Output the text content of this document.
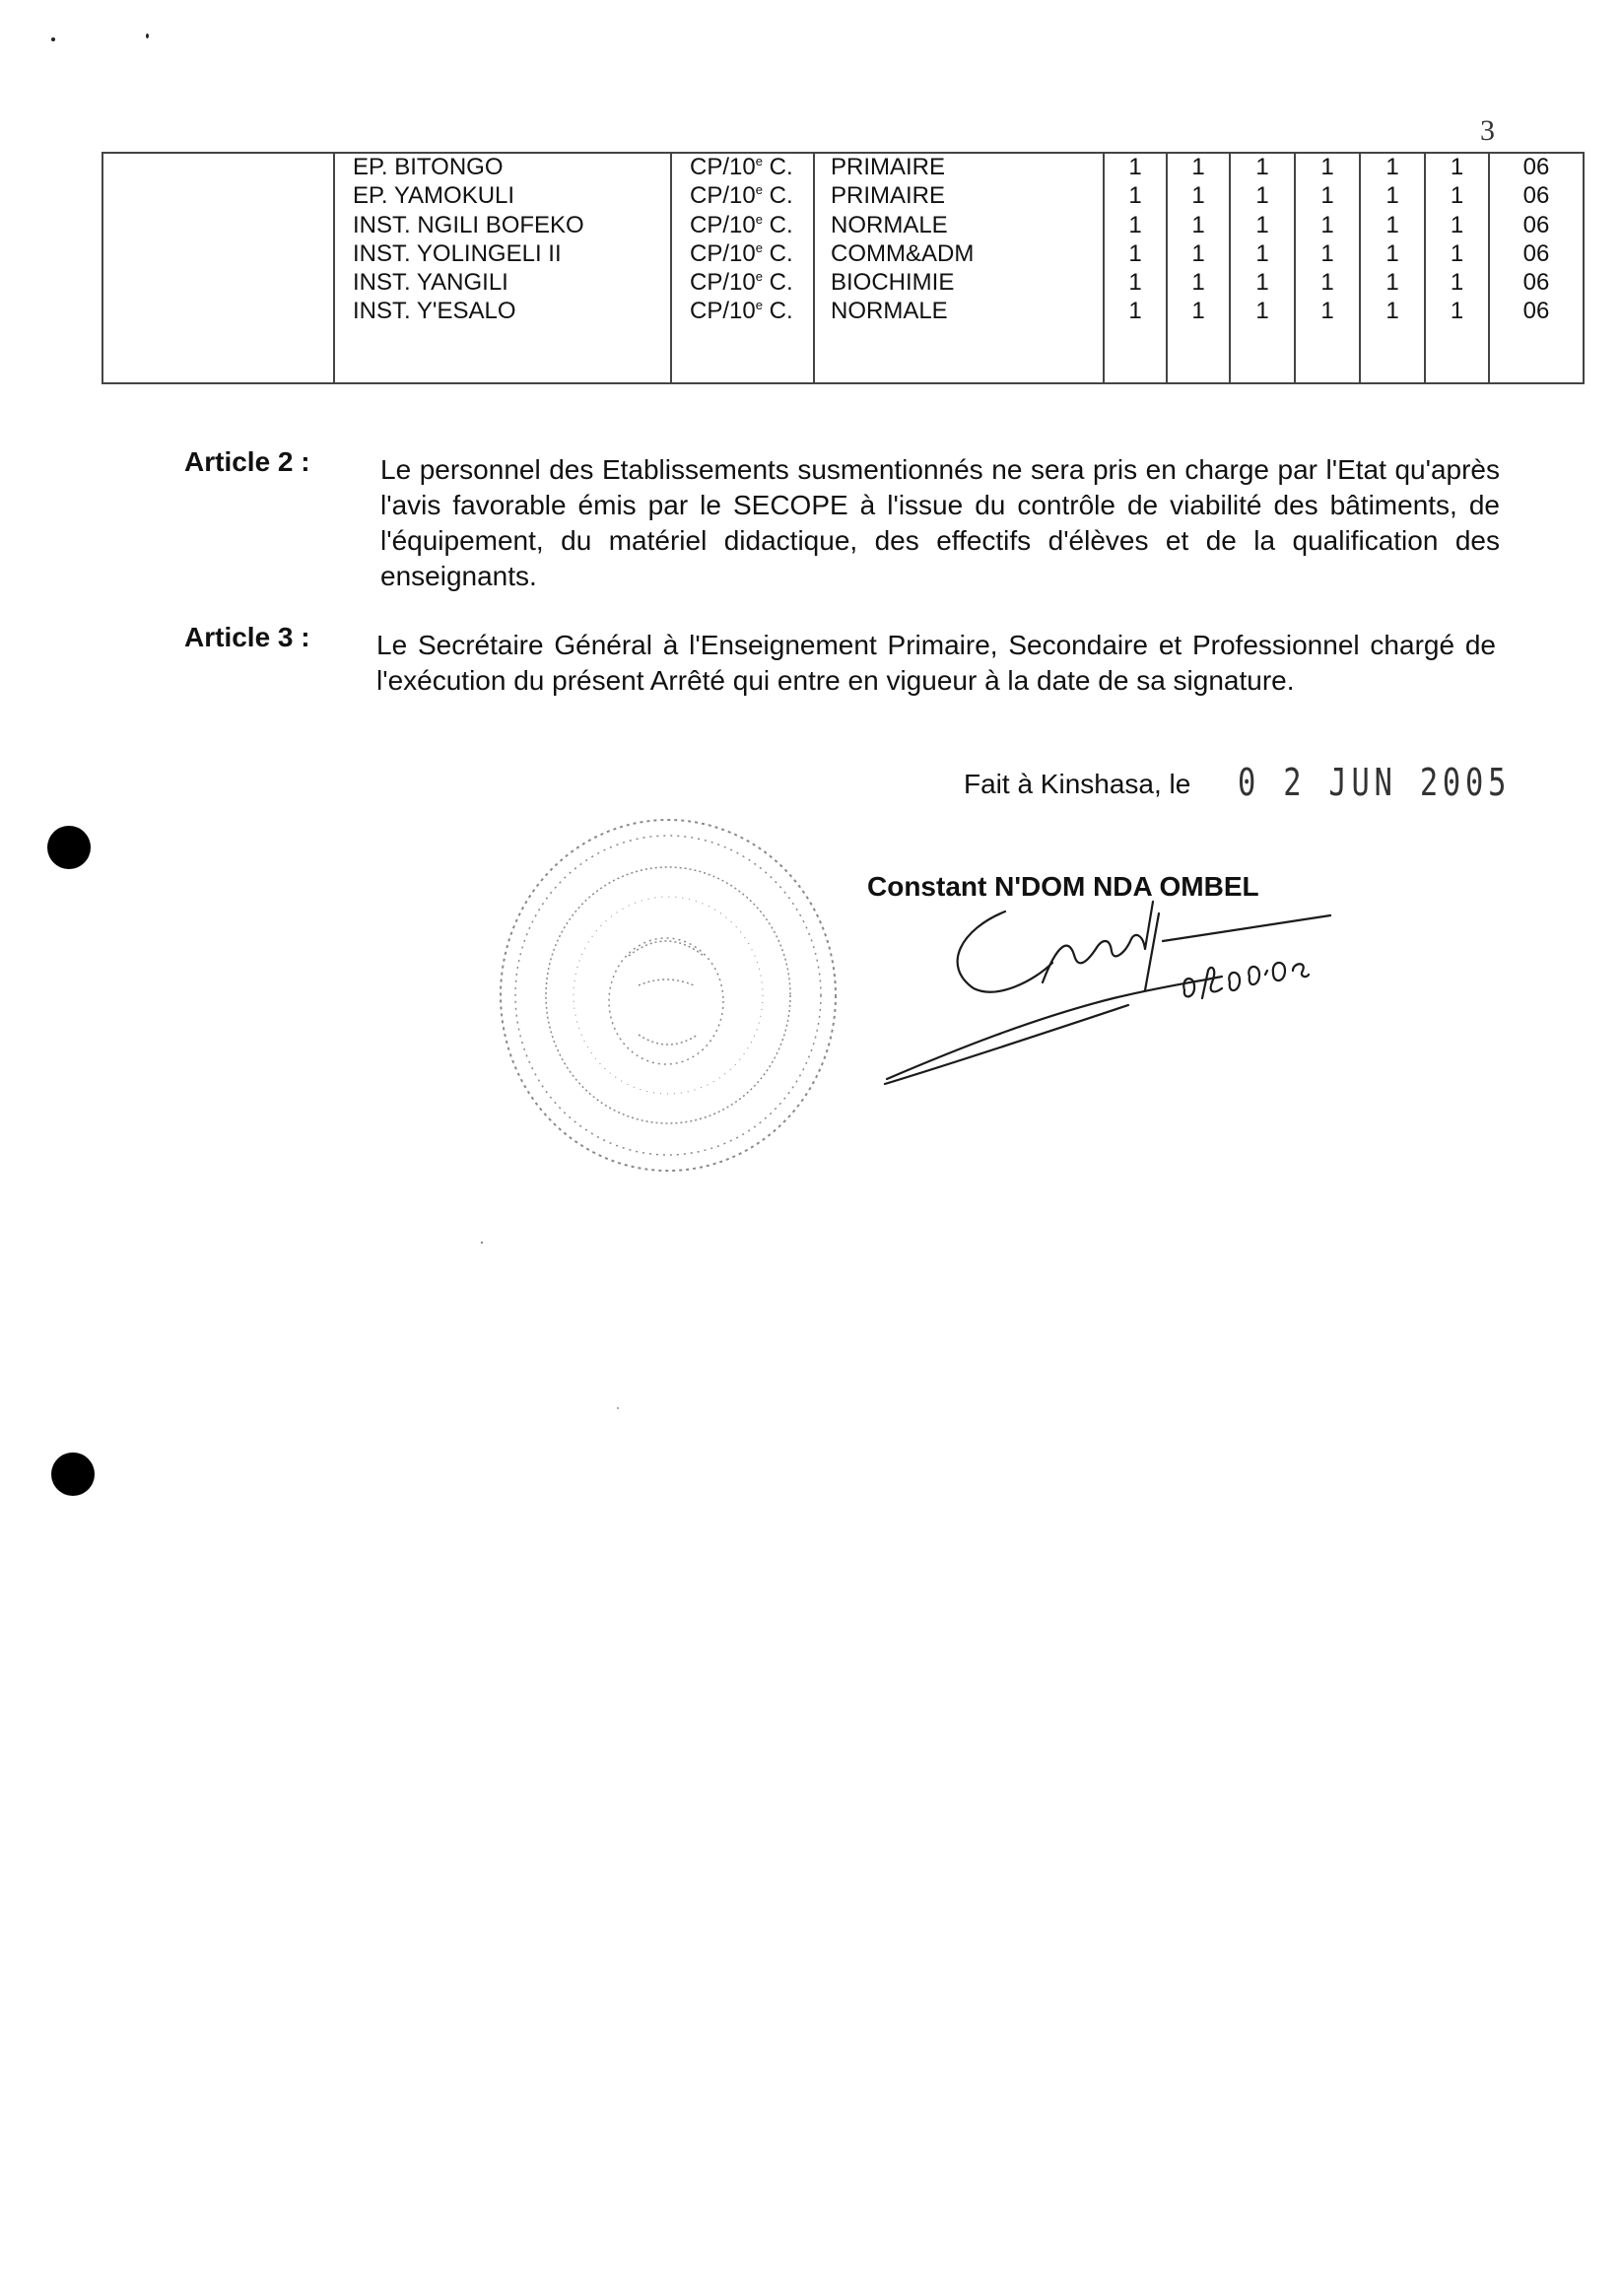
3
	EP. BITONGO	CP/10e C.	PRIMAIRE	1	1	1	1	1	1	06
	EP. YAMOKULI	CP/10e C.	PRIMAIRE	1	1	1	1	1	1	06
	INST. NGILI BOFEKO	CP/10e C.	NORMALE	1	1	1	1	1	1	06
	INST. YOLINGELI II	CP/10e C.	COMM&ADM	1	1	1	1	1	1	06
	INST. YANGILI	CP/10e C.	BIOCHIMIE	1	1	1	1	1	1	06
	INST. Y'ESALO	CP/10e C.	NORMALE	1	1	1	1	1	1	06

Article 2 :	Le personnel des Etablissements susmentionnés ne sera pris en charge par l'Etat qu'après l'avis favorable émis par le SECOPE à l'issue du contrôle de viabilité des bâtiments, de l'équipement, du matériel didactique, des effectifs d'élèves et de la qualification des enseignants.
Article 3 : Le Secrétaire Général à l'Enseignement Primaire, Secondaire et Professionnel chargé de l'exécution du présent Arrêté qui entre en vigueur à la date de sa signature.
Fait à Kinshasa, le 0 2 JUN 2005
Constant N'DOM NDA OMBEL
